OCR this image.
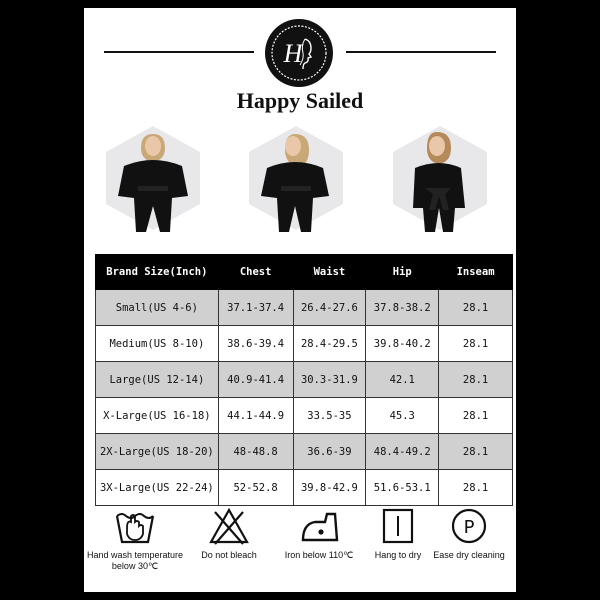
H
Happy Sailed
Brand Size(Inch)	Chest	Waist	Hip	Inseam
Small(US 4-6)	37.1-37.4	26.4-27.6	37.8-38.2	28.1
Medium(US 8-10)	38.6-39.4	28.4-29.5	39.8-40.2	28.1
Large(US 12-14)	40.9-41.4	30.3-31.9	42.1	28.1
X-Large(US 16-18)	44.1-44.9	33.5-35	45.3	28.1
2X-Large(US 18-20)	48-48.8	36.6-39	48.4-49.2	28.1
3X-Large(US 22-24)	52-52.8	39.8-42.9	51.6-53.1	28.1
Hand wash temperature below 30℃
Do not bleach	Iron below 110℃	Hang to dry
P
Ease dry cleaning
